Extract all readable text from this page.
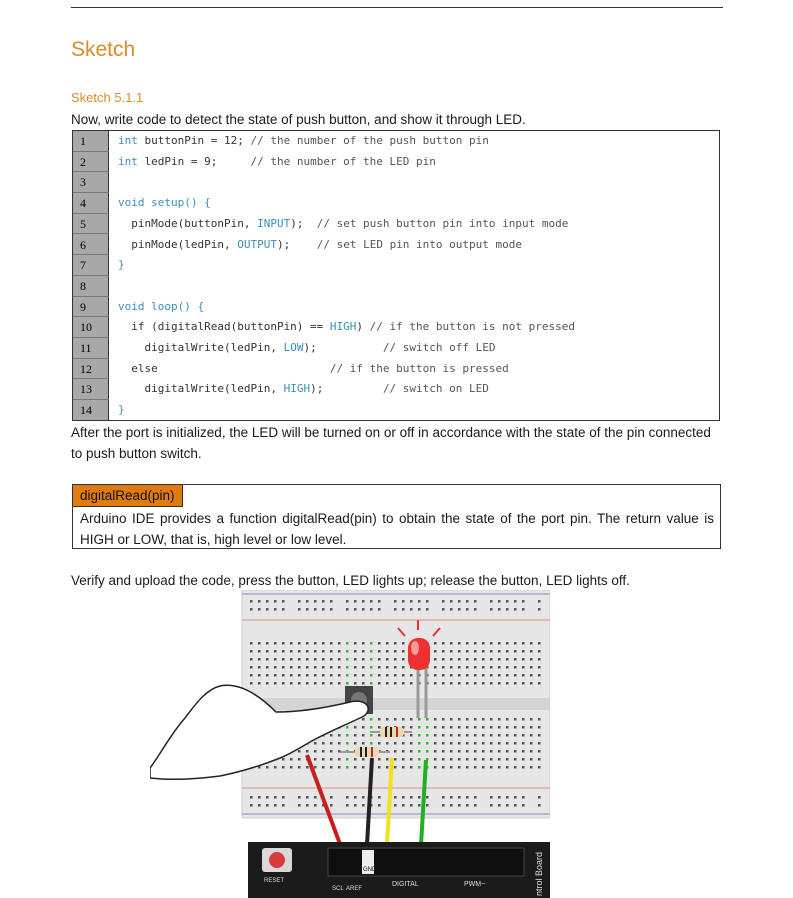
Sketch
Sketch 5.1.1
Now, write code to detect the state of push button, and show it through LED.
1	int buttonPin = 12; // the number of the push button pin
2	int ledPin = 9;     // the number of the LED pin
3
4	void setup() {
5	pinMode(buttonPin, INPUT);  // set push button pin into input mode
6	pinMode(ledPin, OUTPUT);    // set LED pin into output mode
7	}
8
9	void loop() {
10	if (digitalRead(buttonPin) == HIGH) // if the button is not pressed
11	digitalWrite(ledPin, LOW);          // switch off LED
12	else                          // if the button is pressed
13	digitalWrite(ledPin, HIGH);         // switch on LED
14	}
After the port is initialized, the LED will be turned on or off in accordance with the state of the pin connected
to push button switch.
digitalRead(pin)
Arduino IDE provides a function digitalRead(pin) to obtain the state of the port pin. The return value is HIGH or LOW, that is, high level or low level.
Verify and upload the code, press the button, LED lights up; release the button, LED lights off.
RESET
SCL AREF
GND
DIGITAL	PWM~	ntrol Board
